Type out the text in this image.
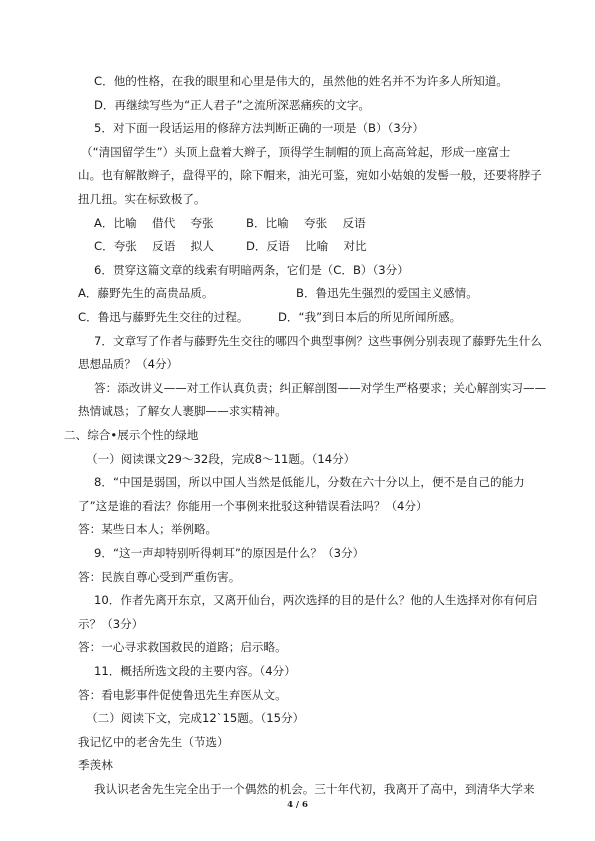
C．他的性格，在我的眼里和心里是伟大的，虽然他的姓名并不为许多人所知道。
D．再继续写些为“正人君子”之流所深恶痛疾的文字。
5．对下面一段话运用的修辞方法判断正确的一项是（B）（3分）
（“清国留学生”）头顶上盘着大辫子，顶得学生制帽的顶上高高耸起，形成一座富士
山。也有解散辫子，盘得平的，除下帽来，油光可鉴，宛如小姑娘的发髻一般，还要将脖子
扭几扭。实在标致极了。
A．比喻　 借代　 夸张	B．比喻　 夸张　 反语
C．夸张　 反语　 拟人	D．反语　 比喻　 对比
6．贯穿这篇文章的线索有明暗两条，它们是（C．B）（3分）
A．藤野先生的高贵品质。	B．鲁迅先生强烈的爱国主义感情。
C．鲁迅与藤野先生交往的过程。	D．“我”到日本后的所见所闻所感。
7．文章写了作者与藤野先生交往的哪四个典型事例？这些事例分别表现了藤野先生什么
思想品质？（4分）
答：添改讲义——对工作认真负责；纠正解剖图——对学生严格要求；关心解剖实习——
热情诚恳；了解女人裹脚——求实精神。
二、综合•展示个性的绿地
（一）阅读课文29～32段，完成8～11题。（14分）
8．“中国是弱国，所以中国人当然是低能儿，分数在六十分以上，便不是自己的能力
了”这是谁的看法？你能用一个事例来批驳这种错误看法吗？（4分）
答：某些日本人；举例略。
9．“这一声却特别听得刺耳”的原因是什么？（3分）
答：民族自尊心受到严重伤害。
10．作者先离开东京，又离开仙台，两次选择的目的是什么？他的人生选择对你有何启
示？（3分）
答：一心寻求救国救民的道路；启示略。
11．概括所选文段的主要内容。（4分）
答：看电影事件促使鲁迅先生弃医从文。
（二）阅读下文，完成12`15题。（15分）
我记忆中的老舍先生（节选）
季羡林
我认识老舍先生完全出于一个偶然的机会。三十年代初，我离开了高中，到清华大学来
4 / 6
